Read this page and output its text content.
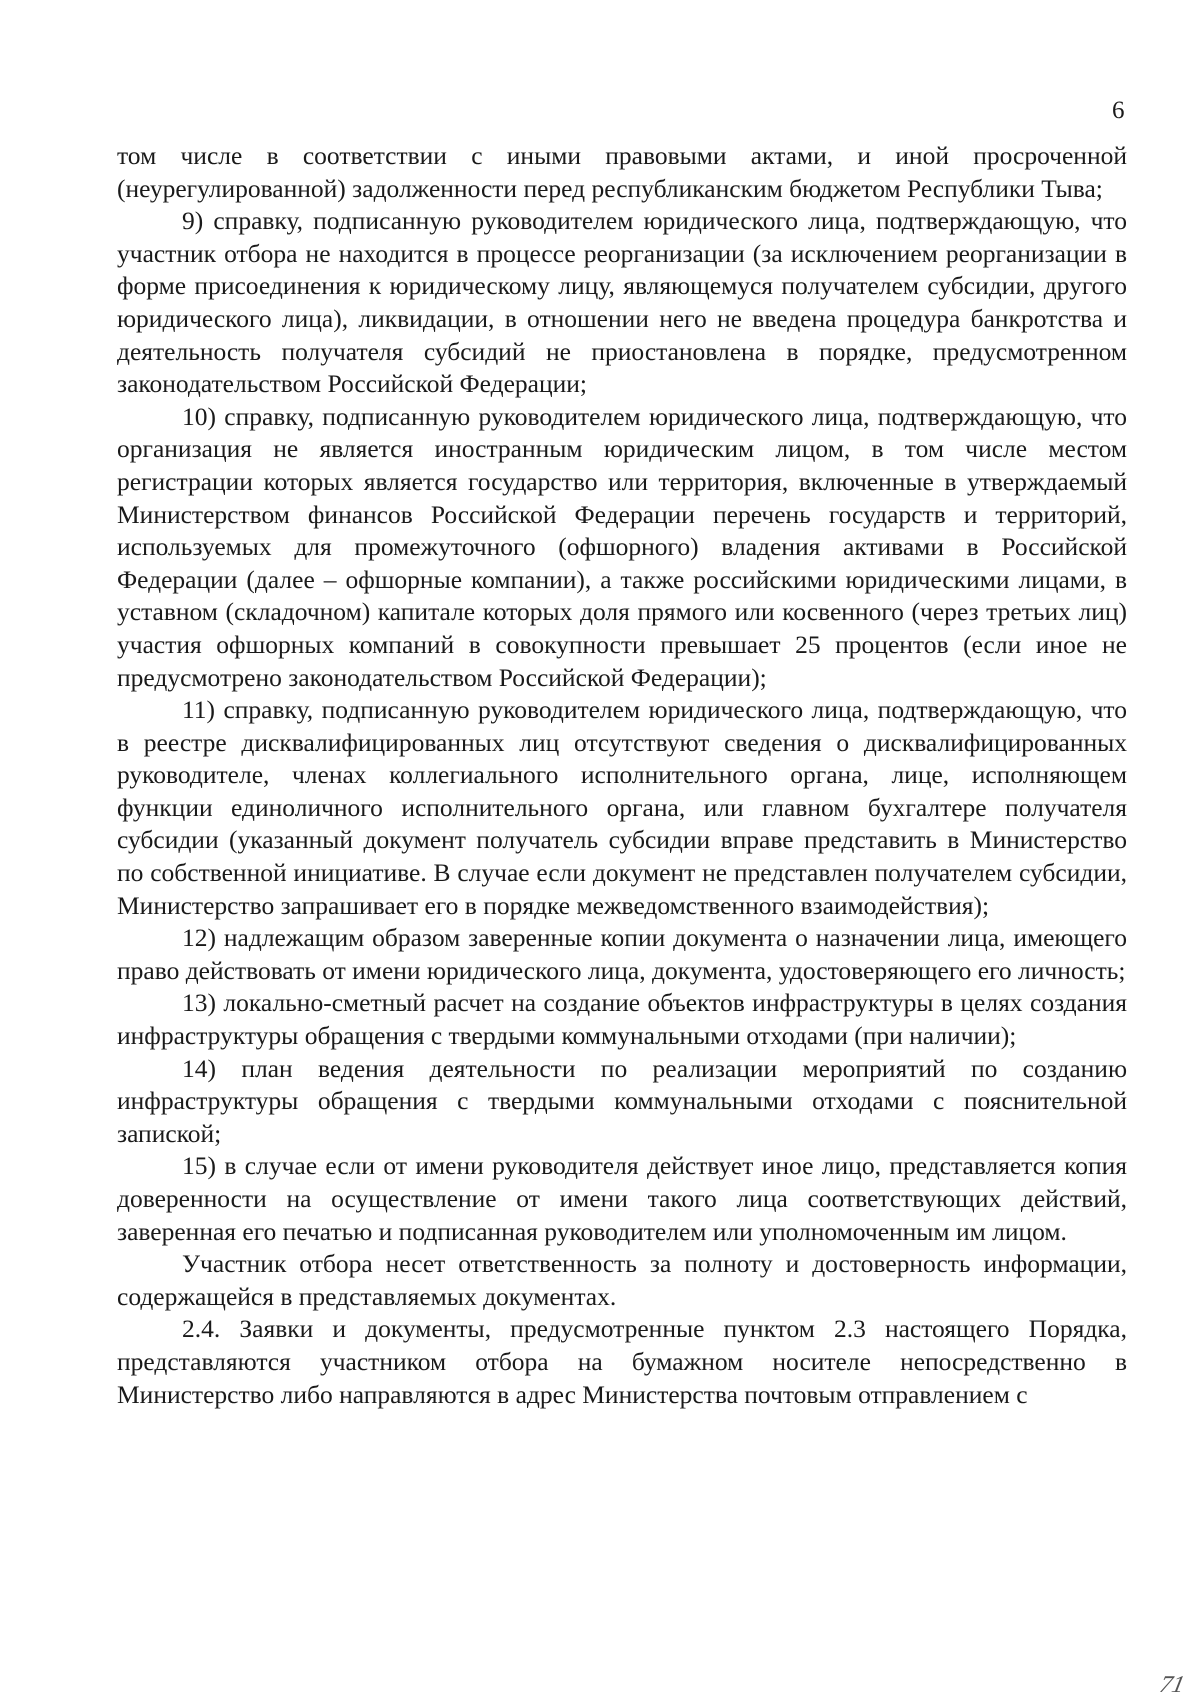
6

том числе в соответствии с иными правовыми актами, и иной просроченной (неурегулированной) задолженности перед республиканским бюджетом Республики Тыва;

9) справку, подписанную руководителем юридического лица, подтверждающую, что участник отбора не находится в процессе реорганизации (за исключением реорганизации в форме присоединения к юридическому лицу, являющемуся получателем субсидии, другого юридического лица), ликвидации, в отношении него не введена процедура банкротства и деятельность получателя субсидий не приостановлена в порядке, предусмотренном законодательством Российской Федерации;

10) справку, подписанную руководителем юридического лица, подтверждающую, что организация не является иностранным юридическим лицом, в том числе местом регистрации которых является государство или территория, включенные в утверждаемый Министерством финансов Российской Федерации перечень государств и территорий, используемых для промежуточного (офшорного) владения активами в Российской Федерации (далее – офшорные компании), а также российскими юридическими лицами, в уставном (складочном) капитале которых доля прямого или косвенного (через третьих лиц) участия офшорных компаний в совокупности превышает 25 процентов (если иное не предусмотрено законодательством Российской Федерации);

11) справку, подписанную руководителем юридического лица, подтверждающую, что в реестре дисквалифицированных лиц отсутствуют сведения о дисквалифицированных руководителе, членах коллегиального исполнительного органа, лице, исполняющем функции единоличного исполнительного органа, или главном бухгалтере получателя субсидии (указанный документ получатель субсидии вправе представить в Министерство по собственной инициативе. В случае если документ не представлен получателем субсидии, Министерство запрашивает его в порядке межведомственного взаимодействия);

12) надлежащим образом заверенные копии документа о назначении лица, имеющего право действовать от имени юридического лица, документа, удостоверяющего его личность;

13) локально-сметный расчет на создание объектов инфраструктуры в целях создания инфраструктуры обращения с твердыми коммунальными отходами (при наличии);

14) план ведения деятельности по реализации мероприятий по созданию инфраструктуры обращения с твердыми коммунальными отходами с пояснительной запиской;

15) в случае если от имени руководителя действует иное лицо, представляется копия доверенности на осуществление от имени такого лица соответствующих действий, заверенная его печатью и подписанная руководителем или уполномоченным им лицом.

Участник отбора несет ответственность за полноту и достоверность информации, содержащейся в представляемых документах.

2.4. Заявки и документы, предусмотренные пунктом 2.3 настоящего Порядка, представляются участником отбора на бумажном носителе непосредственно в Министерство либо направляются в адрес Министерства почтовым отправлением с

71
